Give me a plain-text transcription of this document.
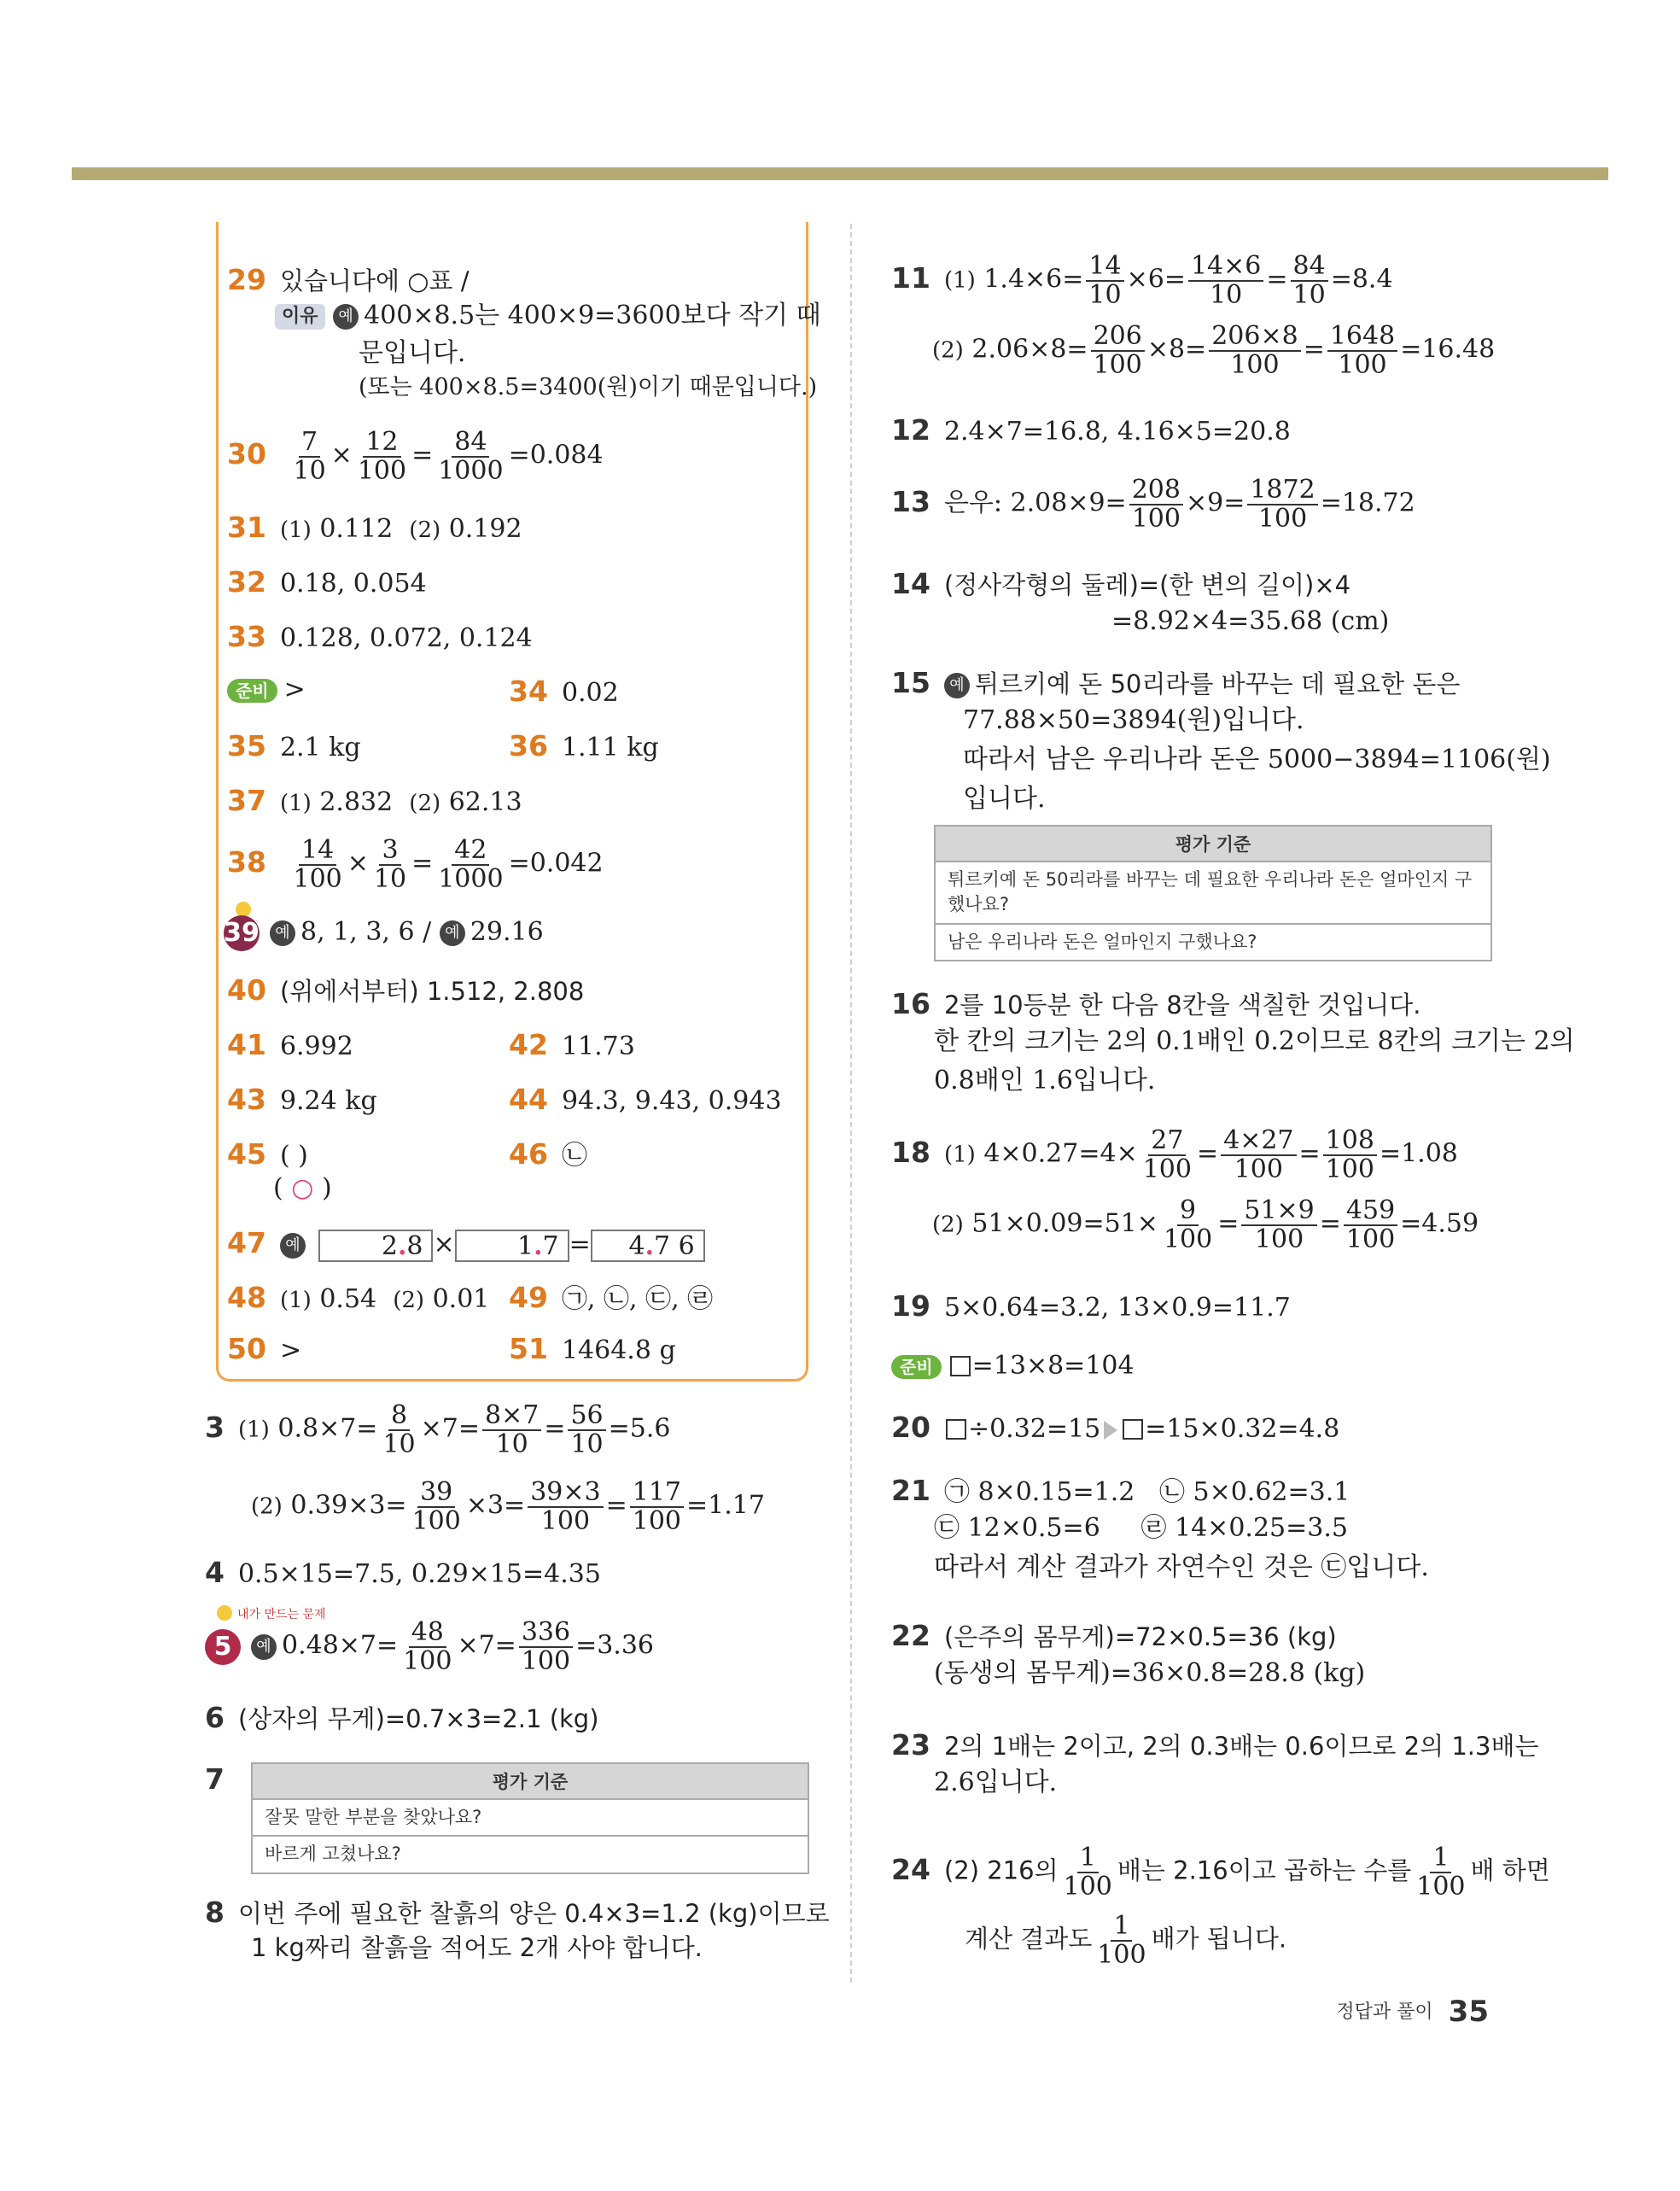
29 있습니다에 ○표 /
이유 예 400×8.5는 400×9=3600보다 작기 때
문입니다.
(또는 400×8.5=3400(원)이기 때문입니다.)
$30 \frac{7}{10} \times \frac{12}{100} = \frac{84}{1000} =0.084$
31 (1) 0.112 (2) 0.192
32 0.18, 0.054
33 0.128, 0.072, 0.124
준비 >	34 0.02
35 2.1 kg	36 1.11 kg
37 (1) 2.832 (2) 62.13
$38 \frac{14}{100} \times \frac{3}{10} = \frac{42}{1000} =0.042$
39 예 8, 1, 3, 6 / 예 29.16
40 (위에서부터) 1.512, 2.808
41 6.992	42 11.73
43 9.24 kg	44 94.3, 9.43, 0.943
45 ( )
( ○ )
46 ㉡
47 예	2.8 × 1.7 = 4.7 6
48 (1) 0.54 (2) 0.01 49 ㉠, ㉡, ㉢, ㉣
50 >	51 1464.8 g
3 (1) $0.8\times 7= \frac{8}{10} \times 7= \frac{8\times 7}{10} = \frac{56}{10} =5.6$
(2) $0.39\times 3= \frac{39}{100} \times 3= \frac{39\times 3}{100} = \frac{117}{100} =1.17$
4 0.5×15=7.5, 0.29×15=4.35
내가 만드는 문제
5 예 $0.48\times 7= \frac{48}{100} \times 7= \frac{336}{100} =3.36$
6 (상자의 무게)=0.7×3=2.1 (kg)
7	평가 기준
잘못 말한 부분을 찾았나요?
바르게 고쳤나요?
8 이번 주에 필요한 찰흙의 양은 0.4×3=1.2 (kg)이므로
1 kg짜리 찰흙을 적어도 2개 사야 합니다.
11 (1) $1.4\times 6= \frac{14}{10} \times 6= \frac{14\times 6}{10} = \frac{84}{10} =8.4$
(2) $2.06\times 8= \frac{206}{100} \times 8= \frac{206\times 8}{100} = \frac{1648}{100} =16.48$
12 2.4×7=16.8, 4.16×5=20.8
13 은우: $2.08\times 9= \frac{208}{100} \times 9= \frac{1872}{100} =18.72$
14 (정사각형의 둘레)=(한 변의 길이)×4
=8.92×4=35.68 (cm)
15 예 튀르키예 돈 50리라를 바꾸는 데 필요한 돈은
77.88×50=3894(원)입니다.
따라서 남은 우리나라 돈은 5000−3894=1106(원)
입니다.
평가 기준
튀르키예 돈 50리라를 바꾸는 데 필요한 우리나라 돈은 얼마인지 구했나요?
남은 우리나라 돈은 얼마인지 구했나요?
16 2를 10등분 한 다음 8칸을 색칠한 것입니다.
한 칸의 크기는 2의 0.1배인 0.2이므로 8칸의 크기는 2의
0.8배인 1.6입니다.
18 (1) $4\times 0.27=4\times \frac{27}{100} = \frac{4\times 27}{100} = \frac{108}{100} =1.08$
(2) $51\times 0.09=51\times \frac{9}{100} = \frac{51\times 9}{100} = \frac{459}{100} =4.59$
19 5×0.64=3.2, 13×0.9=11.7
준비 =13×8=104
20 ÷0.32=15 =15×0.32=4.8
21 ㉠ 8×0.15=1.2 ㉡ 5×0.62=3.1
㉢ 12×0.5=6 ㉣ 14×0.25=3.5
따라서 계산 결과가 자연수인 것은 ㉢입니다.
22 (은주의 몸무게)=72×0.5=36 (kg)
(동생의 몸무게)=36×0.8=28.8 (kg)
23 2의 1배는 2이고, 2의 0.3배는 0.6이므로 2의 1.3배는
2.6입니다.
24 (2) 216의 $\frac{1}{100}$ 배는 2.16이고 곱하는 수를 $\frac{1}{100}$ 배 하면
계산 결과도 $\frac{1}{100}$ 배가 됩니다.
정답과 풀이 35
